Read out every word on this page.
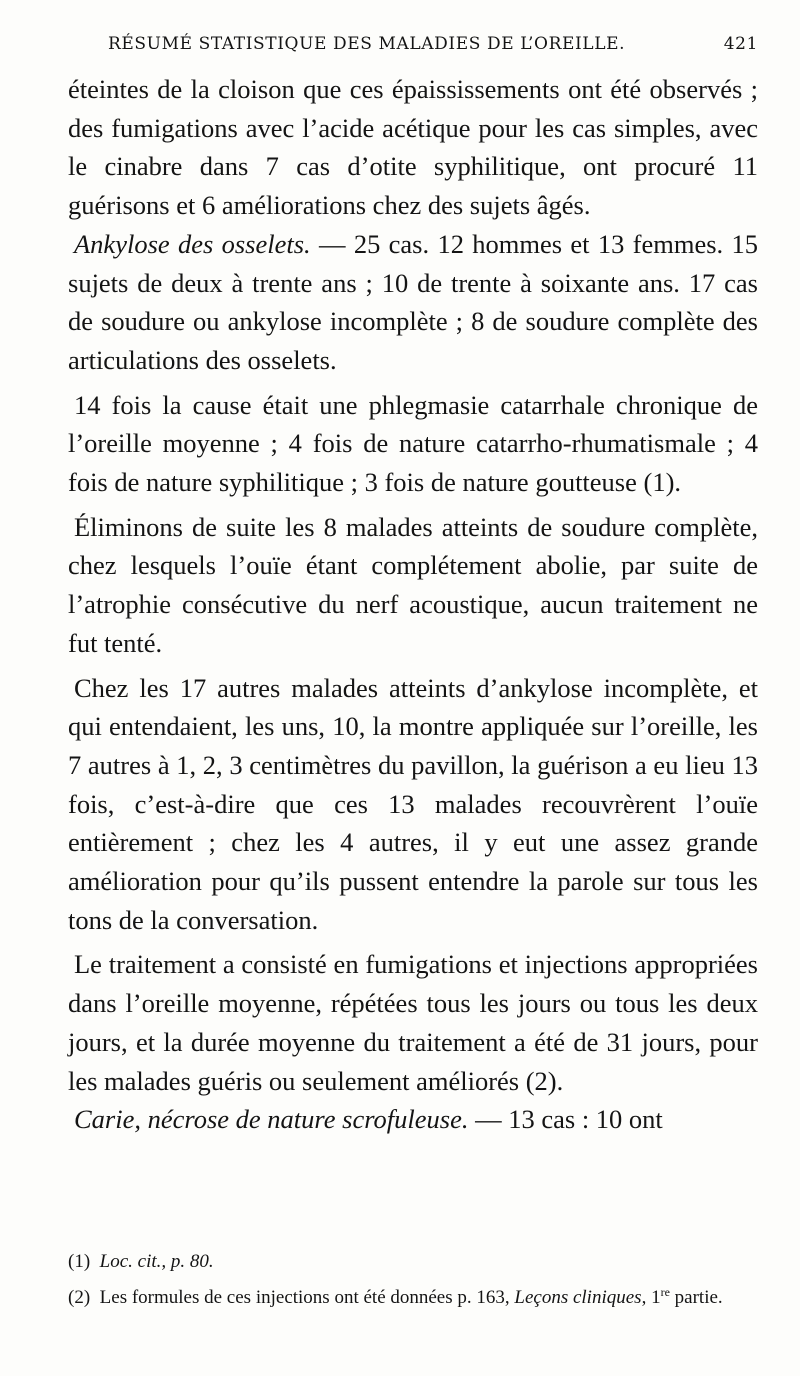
RÉSUMÉ STATISTIQUE DES MALADIES DE L’OREILLE.	421

éteintes de la cloison que ces épaississements ont été observés ; des fumigations avec l’acide acétique pour les cas simples, avec le cinabre dans 7 cas d’otite syphilitique, ont procuré 11 guérisons et 6 améliorations chez des sujets âgés.

Ankylose des osselets. — 25 cas. 12 hommes et 13 femmes. 15 sujets de deux à trente ans ; 10 de trente à soixante ans. 17 cas de soudure ou ankylose incomplète ; 8 de soudure complète des articulations des osselets.

14 fois la cause était une phlegmasie catarrhale chronique de l’oreille moyenne ; 4 fois de nature catarrho-rhumatismale ; 4 fois de nature syphilitique ; 3 fois de nature goutteuse (1).

Éliminons de suite les 8 malades atteints de soudure complète, chez lesquels l’ouïe étant complétement abolie, par suite de l’atrophie consécutive du nerf acoustique, aucun traitement ne fut tenté.

Chez les 17 autres malades atteints d’ankylose incomplète, et qui entendaient, les uns, 10, la montre appliquée sur l’oreille, les 7 autres à 1, 2, 3 centimètres du pavillon, la guérison a eu lieu 13 fois, c’est-à-dire que ces 13 malades recouvrèrent l’ouïe entièrement ; chez les 4 autres, il y eut une assez grande amélioration pour qu’ils pussent entendre la parole sur tous les tons de la conversation.

Le traitement a consisté en fumigations et injections appropriées dans l’oreille moyenne, répétées tous les jours ou tous les deux jours, et la durée moyenne du traitement a été de 31 jours, pour les malades guéris ou seulement améliorés (2).

Carie, nécrose de nature scrofuleuse. — 13 cas : 10 ont

(1) Loc. cit., p. 80.

(2) Les formules de ces injections ont été données p. 163, Leçons cliniques, 1re partie.
